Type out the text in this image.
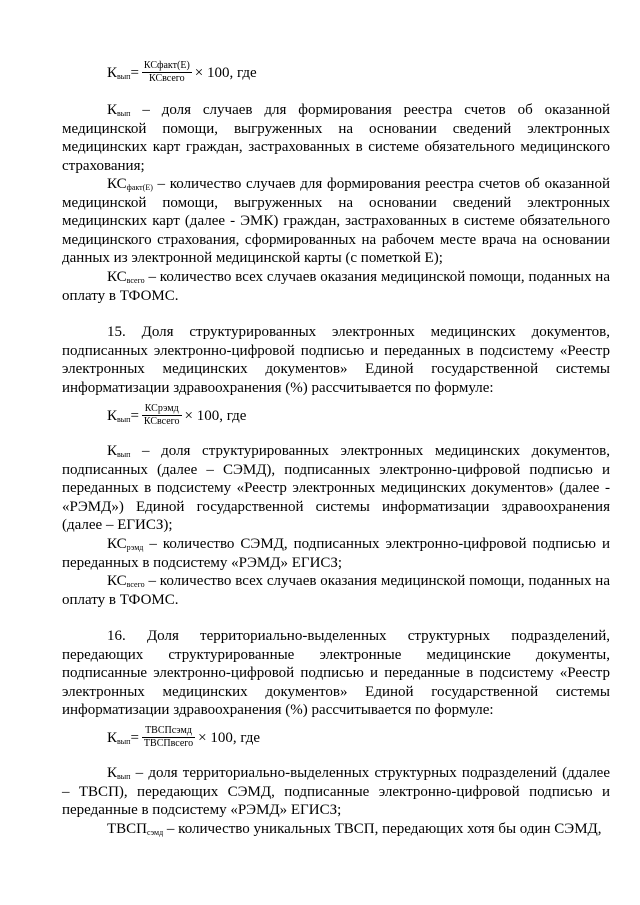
$К_{вып}= \frac{\text{КСфакт(Е)}}{\text{КСвсего}} \times 100$, где

$К_{вып}$ – доля случаев для формирования реестра счетов об оказанной медицинской помощи, выгруженных на основании сведений электронных медицинских карт граждан, застрахованных в системе обязательного медицинского страхования;

$КС_{факт(Е)}$ – количество случаев для формирования реестра счетов об оказанной медицинской помощи, выгруженных на основании сведений электронных медицинских карт (далее - ЭМК) граждан, застрахованных в системе обязательного медицинского страхования, сформированных на рабочем месте врача на основании данных из электронной медицинской карты (с пометкой Е);

$КС_{всего}$ – количество всех случаев оказания медицинской помощи, поданных на оплату в ТФОМС.

15. Доля структурированных электронных медицинских документов, подписанных электронно-цифровой подписью и переданных в подсистему «Реестр электронных медицинских документов» Единой государственной системы информатизации здравоохранения (%) рассчитывается по формуле:

$К_{вып}= \frac{\text{КСрэмд}}{\text{КСвсего}} \times 100$, где

$К_{вып}$ – доля структурированных электронных медицинских документов, подписанных (далее – СЭМД), подписанных электронно-цифровой подписью и переданных в подсистему «Реестр электронных медицинских документов» (далее - «РЭМД») Единой государственной системы информатизации здравоохранения (далее – ЕГИСЗ);

$КС_{рэмд}$ – количество СЭМД, подписанных электронно-цифровой подписью и переданных в подсистему «РЭМД» ЕГИСЗ;

$КС_{всего}$ – количество всех случаев оказания медицинской помощи, поданных на оплату в ТФОМС.

16. Доля территориально-выделенных структурных подразделений, передающих структурированные электронные медицинские документы, подписанные электронно-цифровой подписью и переданные в подсистему «Реестр электронных медицинских документов» Единой государственной системы информатизации здравоохранения (%) рассчитывается по формуле:

$К_{вып}= \frac{\text{ТВСПсэмд}}{\text{ТВСПвсего}} \times 100$, где

$К_{вып}$ – доля территориально-выделенных структурных подразделений (ддалее – ТВСП), передающих СЭМД, подписанные электронно-цифровой подписью и переданные в подсистему «РЭМД» ЕГИСЗ;

$ТВСП_{сэмд}$ – количество уникальных ТВСП, передающих хотя бы один СЭМД,
